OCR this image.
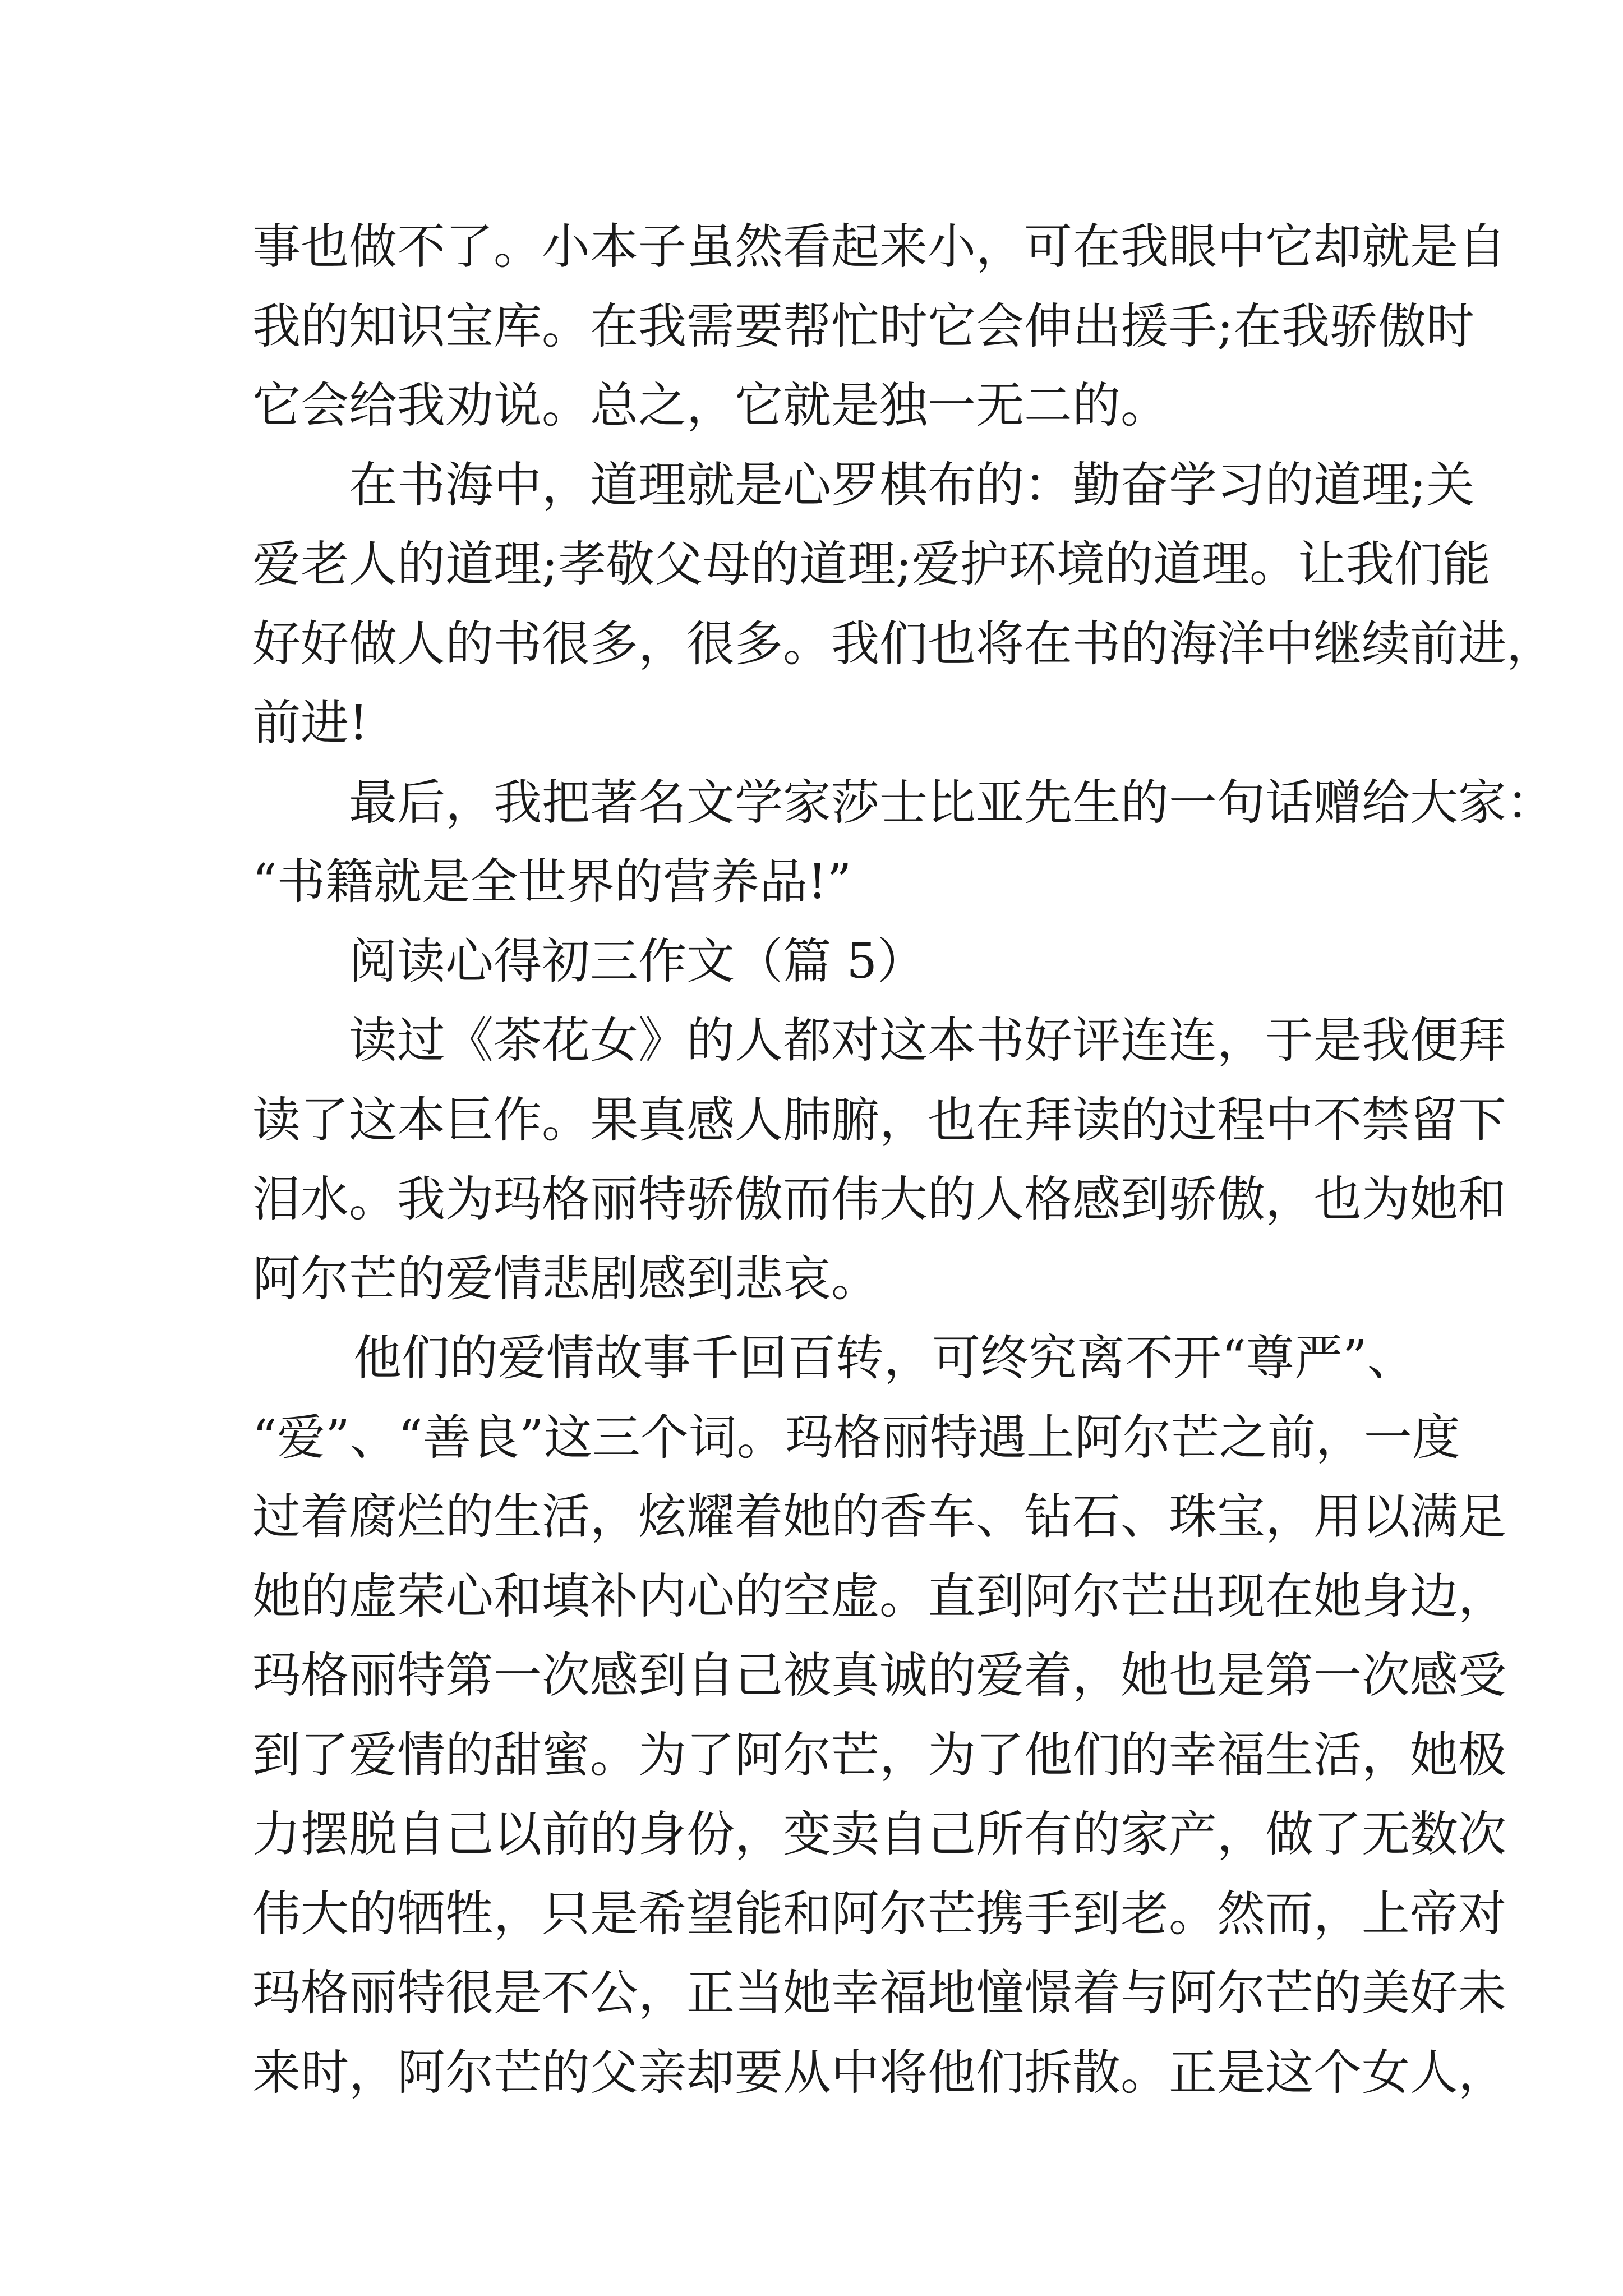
事也做不了。小本子虽然看起来小，可在我眼中它却就是自
我的知识宝库。在我需要帮忙时它会伸出援手;在我骄傲时
它会给我劝说。总之，它就是独一无二的。
在书海中，道理就是心罗棋布的：勤奋学习的道理;关
爱老人的道理;孝敬父母的道理;爱护环境的道理。让我们能
好好做人的书很多，很多。我们也将在书的海洋中继续前进，
前进!
最后，我把著名文学家莎士比亚先生的一句话赠给大家：
“书籍就是全世界的营养品!”
阅读心得初三作文（篇 5）
读过《茶花女》的人都对这本书好评连连，于是我便拜
读了这本巨作。果真感人肺腑，也在拜读的过程中不禁留下
泪水。我为玛格丽特骄傲而伟大的人格感到骄傲，也为她和
阿尔芒的爱情悲剧感到悲哀。
他们的爱情故事千回百转，可终究离不开“尊严”、
“爱”、“善良”这三个词。玛格丽特遇上阿尔芒之前，一度
过着腐烂的生活，炫耀着她的香车、钻石、珠宝，用以满足
她的虚荣心和填补内心的空虚。直到阿尔芒出现在她身边，
玛格丽特第一次感到自己被真诚的爱着，她也是第一次感受
到了爱情的甜蜜。为了阿尔芒，为了他们的幸福生活，她极
力摆脱自己以前的身份，变卖自己所有的家产，做了无数次
伟大的牺牲，只是希望能和阿尔芒携手到老。然而，上帝对
玛格丽特很是不公，正当她幸福地憧憬着与阿尔芒的美好未
来时，阿尔芒的父亲却要从中将他们拆散。正是这个女人，
